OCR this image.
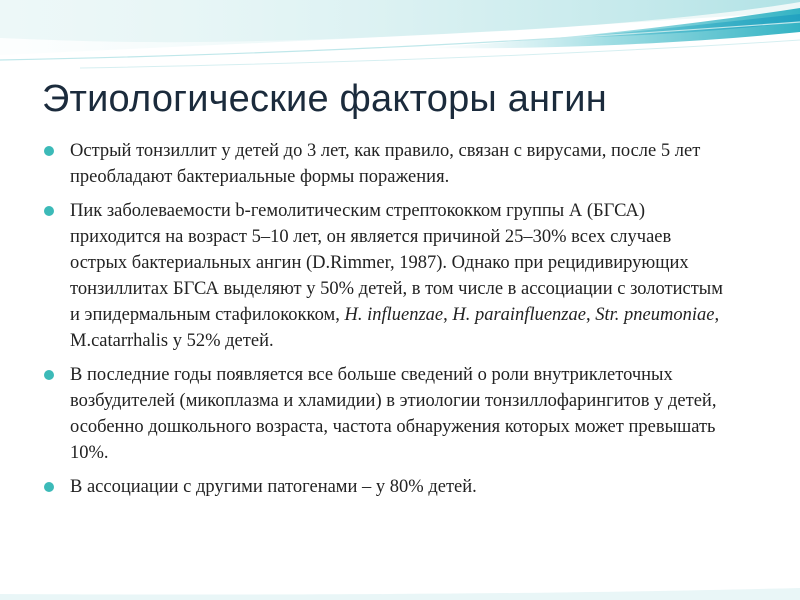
Этиологические факторы ангин
Острый тонзиллит у детей до 3 лет, как правило, связан с вирусами, после 5 лет преобладают бактериальные формы поражения.
Пик заболеваемости b-гемолитическим стрептококком группы А (БГСА) приходится на возраст 5–10 лет, он является причиной 25–30% всех случаев острых бактериальных ангин (D.Rimmer, 1987). Однако при рецидивирующих тонзиллитах БГСА выделяют у 50% детей, в том числе в ассоциации с золотистым и эпидермальным стафилококком, H. influenzae, H. parainfluenzae, Str. pneumoniae, M.catarrhalis у 52% детей.
В последние годы появляется все больше сведений о роли внутриклеточных возбудителей (микоплазма и хламидии) в этиологии тонзиллофарингитов у детей, особенно дошкольного возраста, частота обнаружения которых может превышать 10%.
В ассоциации с другими патогенами – у 80% детей.
